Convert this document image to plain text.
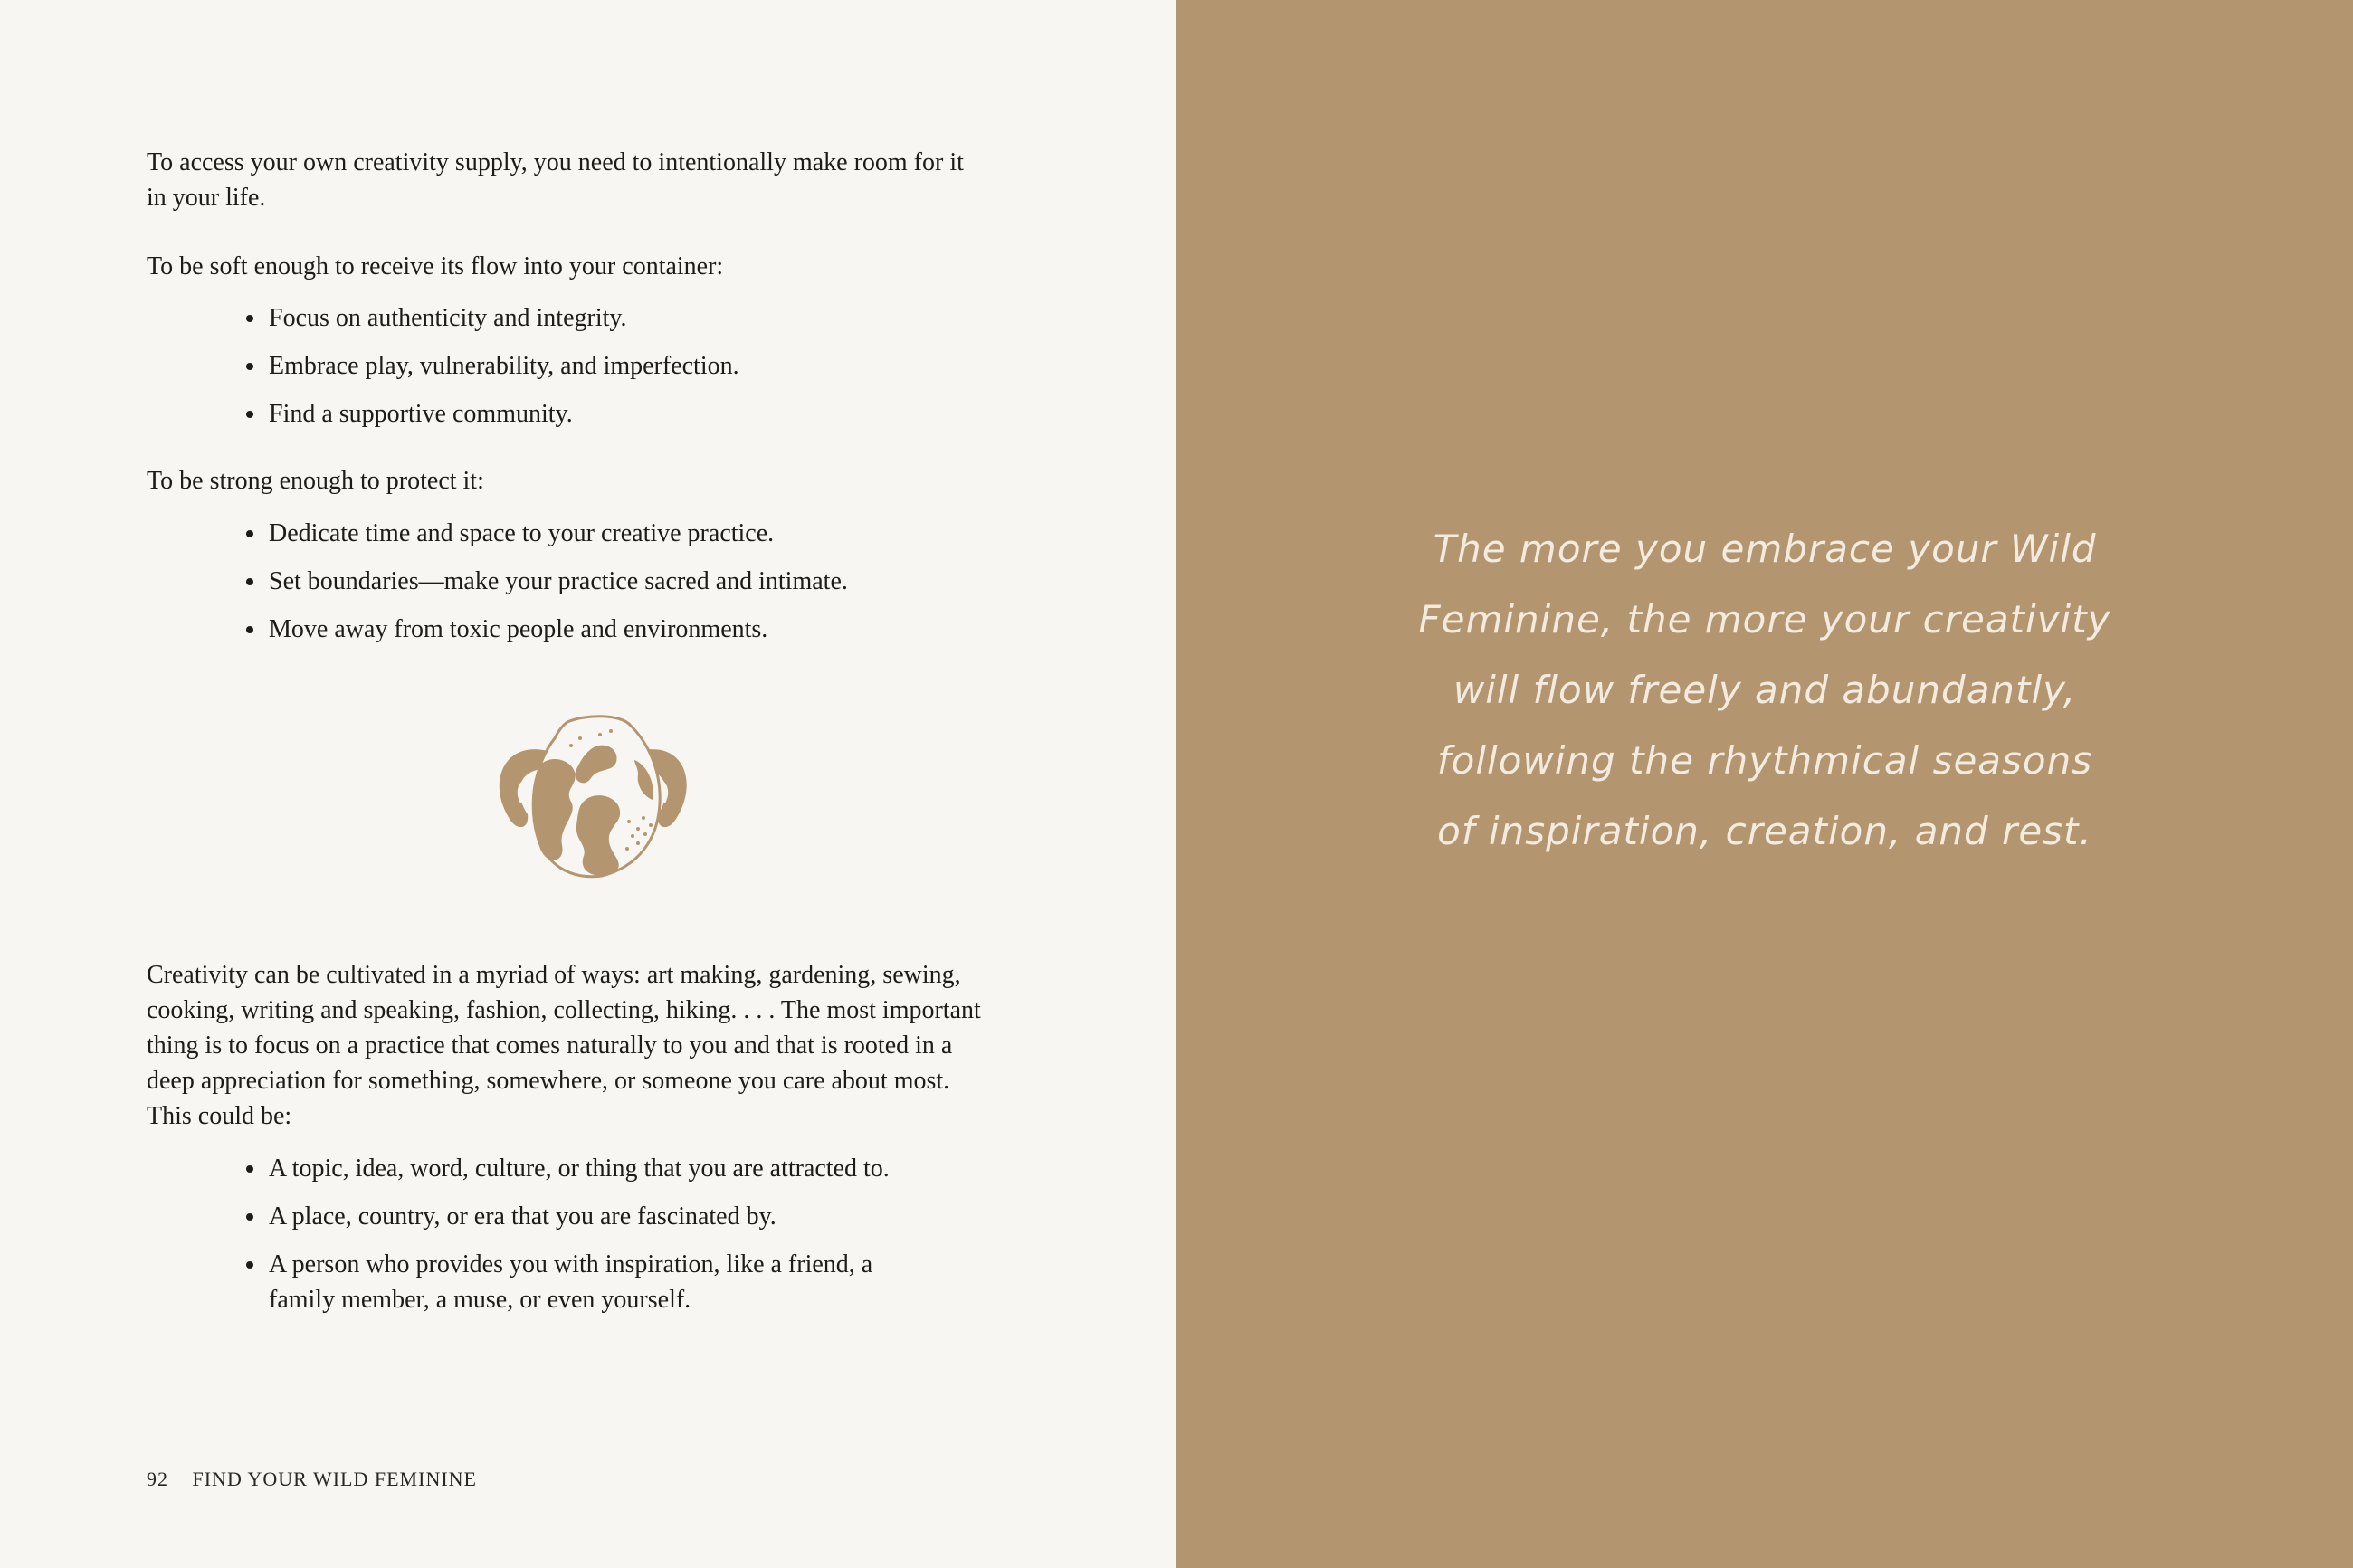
To access your own creativity supply, you need to intentionally make room for it

in your life.

To be soft enough to receive its flow into your container:

Focus on authenticity and integrity.
Embrace play, vulnerability, and imperfection.
Find a supportive community.

To be strong enough to protect it:

Dedicate time and space to your creative practice.
Set boundaries—make your practice sacred and intimate.
Move away from toxic people and environments.

Creativity can be cultivated in a myriad of ways: art making, gardening, sewing,

cooking, writing and speaking, fashion, collecting, hiking. . . . The most important

thing is to focus on a practice that comes naturally to you and that is rooted in a

deep appreciation for something, somewhere, or someone you care about most.

This could be:

A topic, idea, word, culture, or thing that you are attracted to.
A place, country, or era that you are fascinated by.
A person who provides you with inspiration, like a friend, a
family member, a muse, or even yourself.
92 FIND YOUR WILD FEMININE
The more you embrace your Wild
Feminine, the more your creativity
will flow freely and abundantly,
following the rhythmical seasons
of inspiration, creation, and rest.
